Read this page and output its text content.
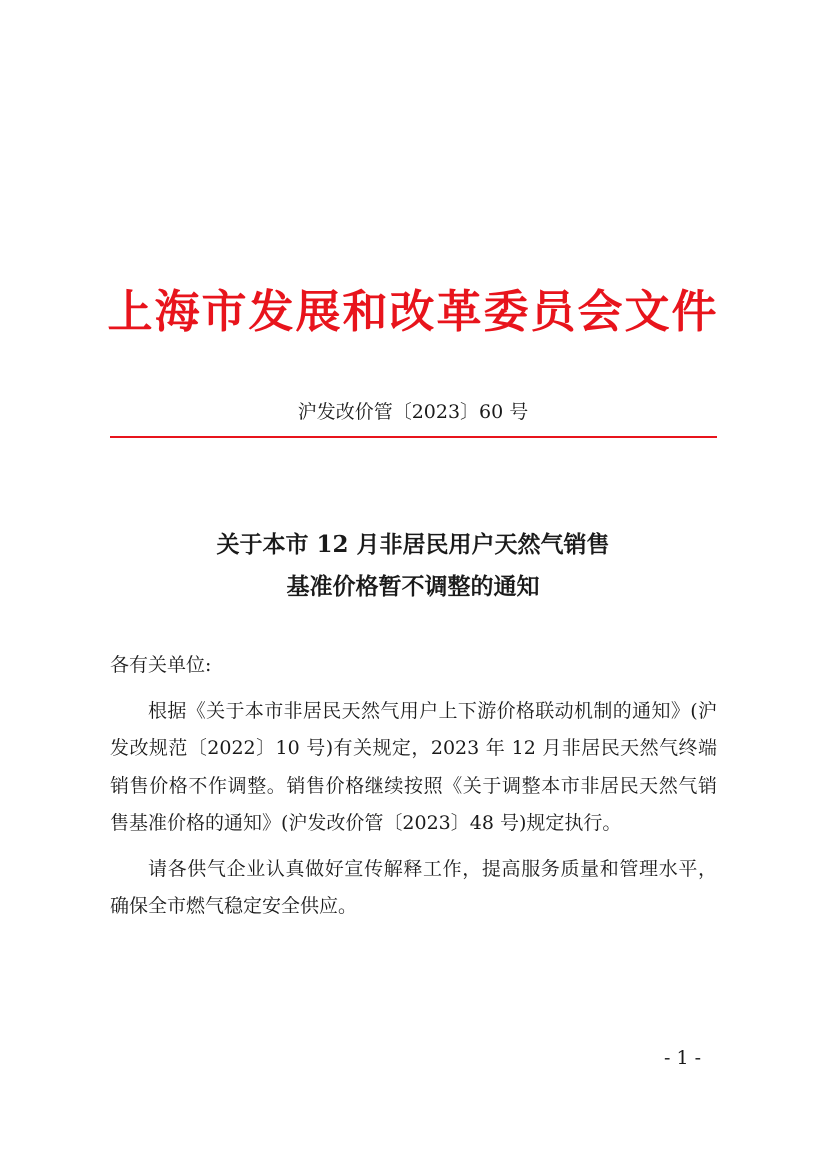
上海市发展和改革委员会文件
沪发改价管〔2023〕60 号
关于本市 12 月非居民用户天然气销售
基准价格暂不调整的通知

各有关单位:

根据《关于本市非居民天然气用户上下游价格联动机制的通知》(沪发改规范〔2022〕10 号)有关规定，2023 年 12 月非居民天然气终端销售价格不作调整。销售价格继续按照《关于调整本市非居民天然气销售基准价格的通知》(沪发改价管〔2023〕48 号)规定执行。

请各供气企业认真做好宣传解释工作，提高服务质量和管理水平，确保全市燃气稳定安全供应。

- 1 -
